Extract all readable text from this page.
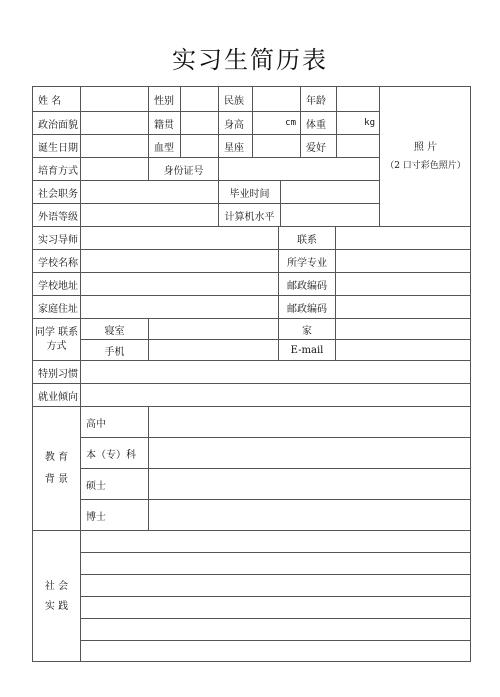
实习生简历表
姓 名	性别	民族	年龄
政治面貌	籍贯	身高	cm	体重	kg
诞生日期	血型	星座	爱好
培育方式	身份证号
社会职务	毕业时间
外语等级	计算机水平
照 片
（2 口寸彩色照片）
实习导师	联系
学校名称	所学专业
学校地址	邮政编码
家庭住址	邮政编码
同学 联系
方式
寝室	家
手机	E-mail
特别习惯
就业倾向
教 育
背 景
高中
本（专）科
硕士
博士
社 会
实 践
